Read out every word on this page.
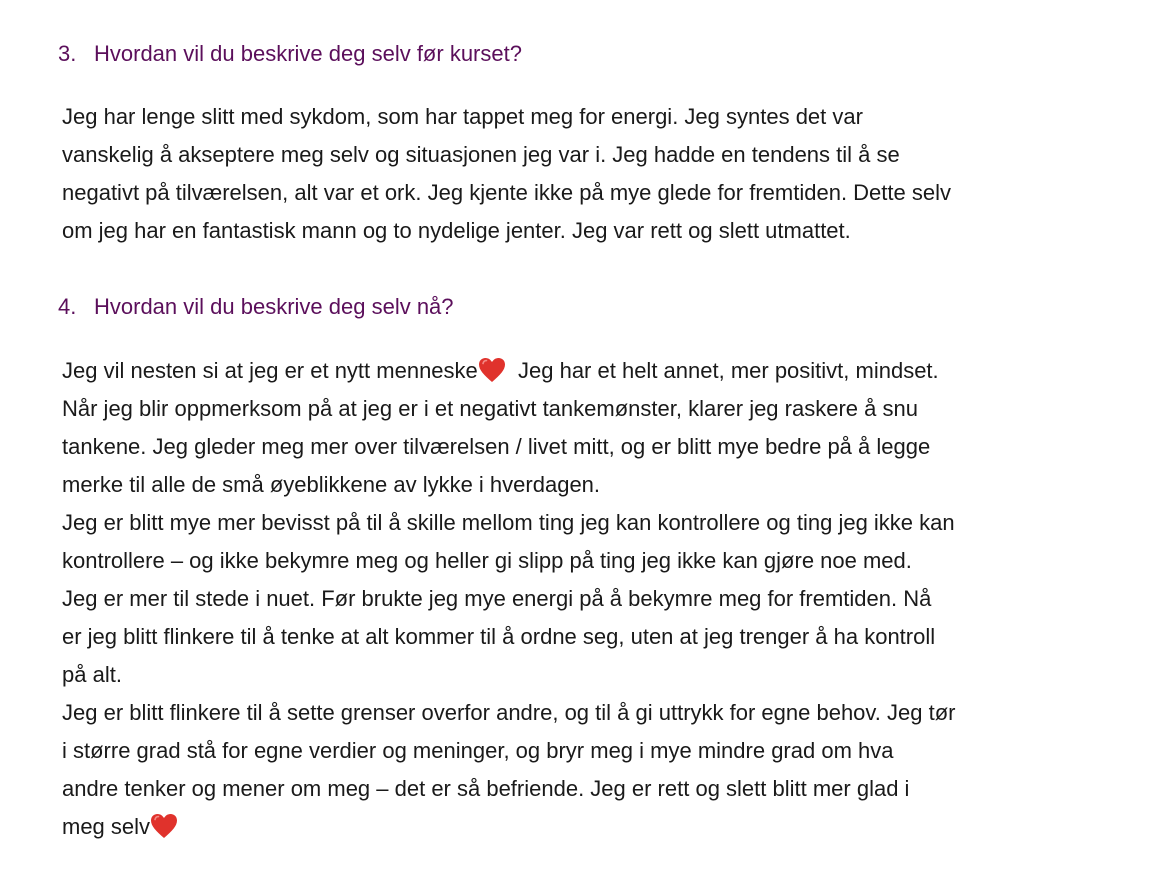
3. Hvordan vil du beskrive deg selv før kurset?
Jeg har lenge slitt med sykdom, som har tappet meg for energi. Jeg syntes det var
vanskelig å akseptere meg selv og situasjonen jeg var i. Jeg hadde en tendens til å se
negativt på tilværelsen, alt var et ork. Jeg kjente ikke på mye glede for fremtiden. Dette selv
om jeg har en fantastisk mann og to nydelige jenter. Jeg var rett og slett utmattet.
4. Hvordan vil du beskrive deg selv nå?
Jeg vil nesten si at jeg er et nytt menneske
Jeg har et helt annet, mer positivt, mindset.
Når jeg blir oppmerksom på at jeg er i et negativt tankemønster, klarer jeg raskere å snu
tankene. Jeg gleder meg mer over tilværelsen / livet mitt, og er blitt mye bedre på å legge
merke til alle de små øyeblikkene av lykke i hverdagen.
Jeg er blitt mye mer bevisst på til å skille mellom ting jeg kan kontrollere og ting jeg ikke kan
kontrollere – og ikke bekymre meg og heller gi slipp på ting jeg ikke kan gjøre noe med.
Jeg er mer til stede i nuet. Før brukte jeg mye energi på å bekymre meg for fremtiden. Nå
er jeg blitt flinkere til å tenke at alt kommer til å ordne seg, uten at jeg trenger å ha kontroll
på alt.
Jeg er blitt flinkere til å sette grenser overfor andre, og til å gi uttrykk for egne behov. Jeg tør
i større grad stå for egne verdier og meninger, og bryr meg i mye mindre grad om hva
andre tenker og mener om meg – det er så befriende. Jeg er rett og slett blitt mer glad i
meg selv
